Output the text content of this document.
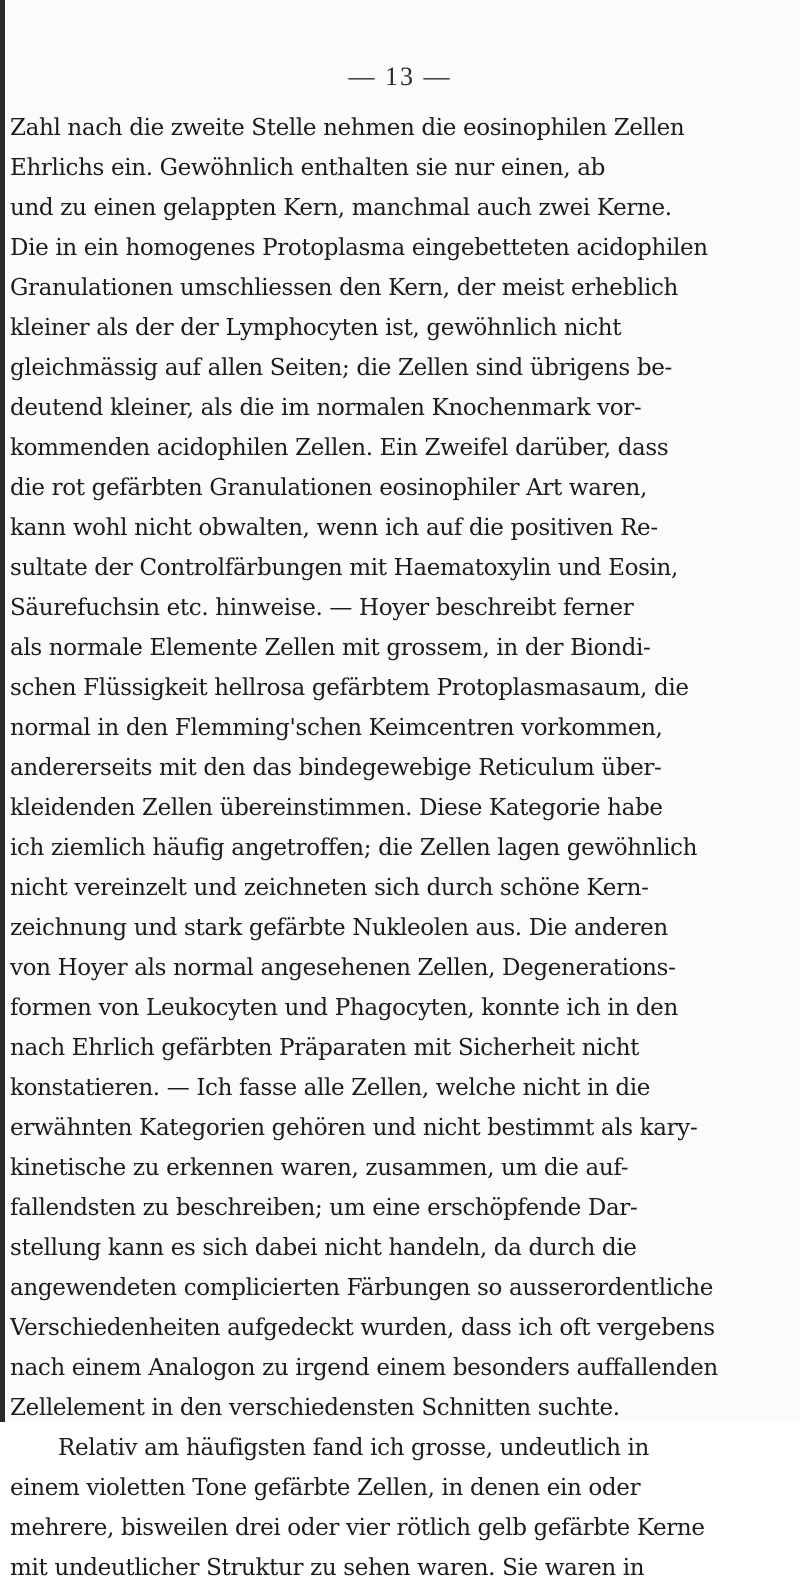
— 13 —
Zahl nach die zweite Stelle nehmen die eosinophilen Zellen
Ehrlichs ein. Gewöhnlich enthalten sie nur einen, ab
und zu einen gelappten Kern, manchmal auch zwei Kerne.
Die in ein homogenes Protoplasma eingebetteten acidophilen
Granulationen umschliessen den Kern, der meist erheblich
kleiner als der der Lymphocyten ist, gewöhnlich nicht
gleichmässig auf allen Seiten; die Zellen sind übrigens be-
deutend kleiner, als die im normalen Knochenmark vor-
kommenden acidophilen Zellen. Ein Zweifel darüber, dass
die rot gefärbten Granulationen eosinophiler Art waren,
kann wohl nicht obwalten, wenn ich auf die positiven Re-
sultate der Controlfärbungen mit Haematoxylin und Eosin,
Säurefuchsin etc. hinweise. — Hoyer beschreibt ferner
als normale Elemente Zellen mit grossem, in der Biondi-
schen Flüssigkeit hellrosa gefärbtem Protoplasmasaum, die
normal in den Flemming'schen Keimcentren vorkommen,
andererseits mit den das bindegewebige Reticulum über-
kleidenden Zellen übereinstimmen. Diese Kategorie habe
ich ziemlich häufig angetroffen; die Zellen lagen gewöhnlich
nicht vereinzelt und zeichneten sich durch schöne Kern-
zeichnung und stark gefärbte Nukleolen aus. Die anderen
von Hoyer als normal angesehenen Zellen, Degenerations-
formen von Leukocyten und Phagocyten, konnte ich in den
nach Ehrlich gefärbten Präparaten mit Sicherheit nicht
konstatieren. — Ich fasse alle Zellen, welche nicht in die
erwähnten Kategorien gehören und nicht bestimmt als kary-
kinetische zu erkennen waren, zusammen, um die auf-
fallendsten zu beschreiben; um eine erschöpfende Dar-
stellung kann es sich dabei nicht handeln, da durch die
angewendeten complicierten Färbungen so ausserordentliche
Verschiedenheiten aufgedeckt wurden, dass ich oft vergebens
nach einem Analogon zu irgend einem besonders auffallenden
Zellelement in den verschiedensten Schnitten suchte.
Relativ am häufigsten fand ich grosse, undeutlich in
einem violetten Tone gefärbte Zellen, in denen ein oder
mehrere, bisweilen drei oder vier rötlich gelb gefärbte Kerne
mit undeutlicher Struktur zu sehen waren. Sie waren in
